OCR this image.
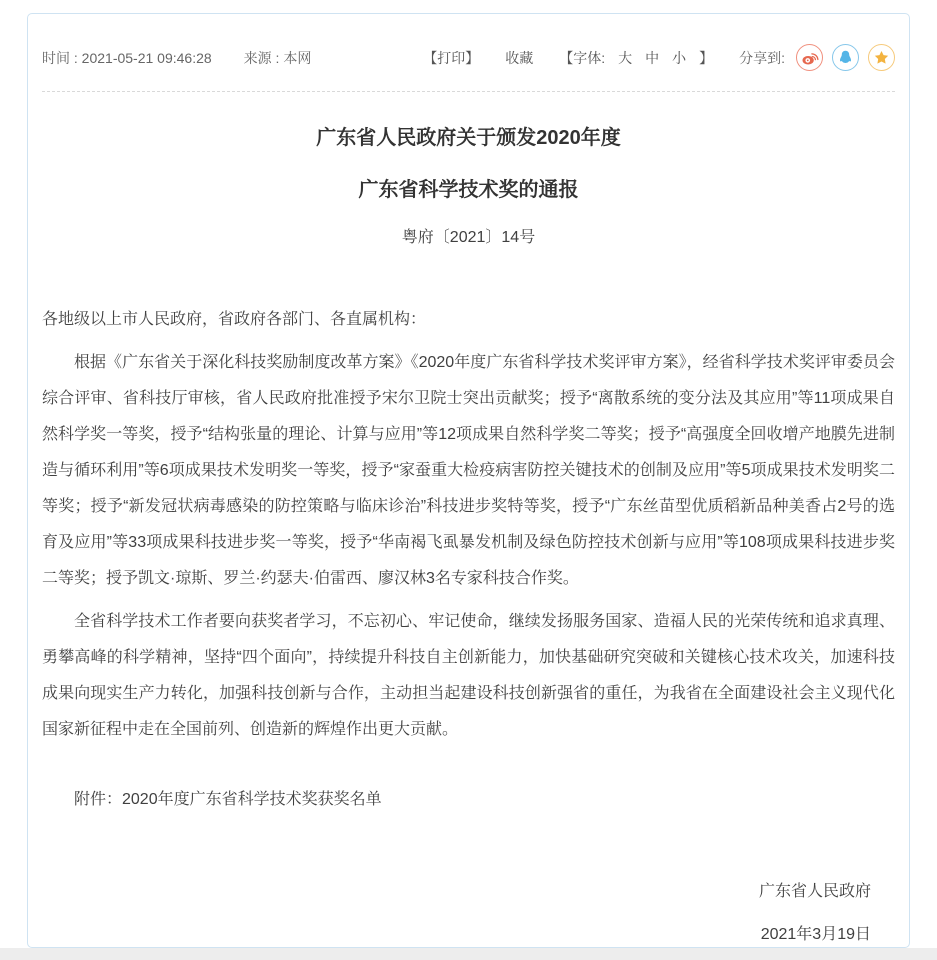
时间 : 2021-05-21 09:46:28 来源 : 本网	【打印】 收藏 【字体: 大 中 小 】 分享到:
广东省人民政府关于颁发2020年度
广东省科学技术奖的通报
粤府〔2021〕14号
各地级以上市人民政府，省政府各部门、各直属机构：

根据《广东省关于深化科技奖励制度改革方案》《2020年度广东省科学技术奖评审方案》，经省科学技术奖评审委员会综合评审、省科技厅审核，省人民政府批准授予宋尔卫院士突出贡献奖；授予“离散系统的变分法及其应用”等11项成果自然科学奖一等奖，授予“结构张量的理论、计算与应用”等12项成果自然科学奖二等奖；授予“高强度全回收增产地膜先进制造与循环利用”等6项成果技术发明奖一等奖，授予“家蚕重大检疫病害防控关键技术的创制及应用”等5项成果技术发明奖二等奖；授予“新发冠状病毒感染的防控策略与临床诊治”科技进步奖特等奖，授予“广东丝苗型优质稻新品种美香占2号的选育及应用”等33项成果科技进步奖一等奖，授予“华南褐飞虱暴发机制及绿色防控技术创新与应用”等108项成果科技进步奖二等奖；授予凯文·琼斯、罗兰·约瑟夫·伯雷西、廖汉林3名专家科技合作奖。

全省科学技术工作者要向获奖者学习，不忘初心、牢记使命，继续发扬服务国家、造福人民的光荣传统和追求真理、勇攀高峰的科学精神，坚持“四个面向”，持续提升科技自主创新能力，加快基础研究突破和关键核心技术攻关，加速科技成果向现实生产力转化，加强科技创新与合作，主动担当起建设科技创新强省的重任，为我省在全面建设社会主义现代化国家新征程中走在全国前列、创造新的辉煌作出更大贡献。

附件：2020年度广东省科学技术奖获奖名单
广东省人民政府
2021年3月19日
